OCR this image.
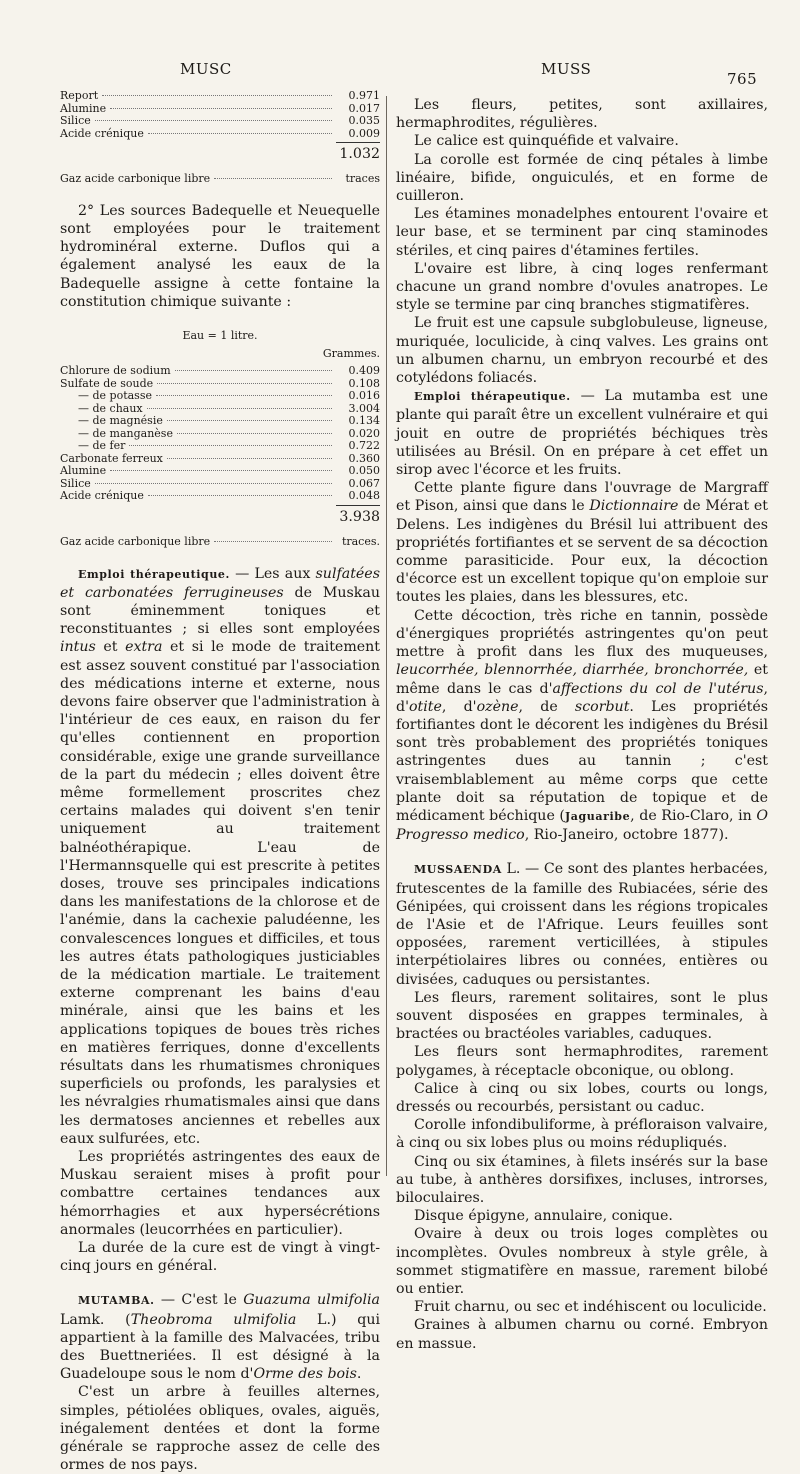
MUSC	MUSS
765
Report	0.971
Alumine	0.017
Silice	0.035
Acide crénique	0.009
1.032
Gaz acide carbonique libre	traces

2° Les sources Badequelle et Neuequelle sont employées pour le traitement hydrominéral externe. Duflos qui a également analysé les eaux de la Badequelle assigne à cette fontaine la constitution chimique suivante :

Eau = 1 litre.
Grammes.
Chlorure de sodium	0.409
Sulfate de soude	0.108
— de potasse	0.016
— de chaux	3.004
— de magnésie	0.134
— de manganèse	0.020
— de fer	0.722
Carbonate ferreux	0.360
Alumine	0.050
Silice	0.067
Acide crénique	0.048
3.938
Gaz acide carbonique libre	traces.

Emploi thérapeutique. — Les aux sulfatées et carbonatées ferrugineuses de Muskau sont éminemment toniques et reconstituantes ; si elles sont employées intus et extra et si le mode de traitement est assez souvent constitué par l'association des médications interne et externe, nous devons faire observer que l'administration à l'intérieur de ces eaux, en raison du fer qu'elles contiennent en proportion considérable, exige une grande surveillance de la part du médecin ; elles doivent être même formellement proscrites chez certains malades qui doivent s'en tenir uniquement au traitement balnéothérapique. L'eau de l'Hermannsquelle qui est prescrite à petites doses, trouve ses principales indications dans les manifestations de la chlorose et de l'anémie, dans la cachexie paludéenne, les convalescences longues et difficiles, et tous les autres états pathologiques justiciables de la médication martiale. Le traitement externe comprenant les bains d'eau minérale, ainsi que les bains et les applications topiques de boues très riches en matières ferriques, donne d'excellents résultats dans les rhumatismes chroniques superficiels ou profonds, les paralysies et les névralgies rhumatismales ainsi que dans les dermatoses anciennes et rebelles aux eaux sulfurées, etc.

Les propriétés astringentes des eaux de Muskau seraient mises à profit pour combattre certaines tendances aux hémorrhagies et aux hypersécrétions anormales (leucorrhées en particulier).

La durée de la cure est de vingt à vingt-cinq jours en général.

MUTAMBA. — C'est le Guazuma ulmifolia Lamk. (Theobroma ulmifolia L.) qui appartient à la famille des Malvacées, tribu des Buettneriées. Il est désigné à la Guadeloupe sous le nom d'Orme des bois.

C'est un arbre à feuilles alternes, simples, pétiolées obliques, ovales, aiguës, inégalement dentées et dont la forme générale se rapproche assez de celle des ormes de nos pays.

Les fleurs, petites, sont axillaires, hermaphrodites, régulières.

Le calice est quinquéfide et valvaire.

La corolle est formée de cinq pétales à limbe linéaire, bifide, onguiculés, et en forme de cuilleron.

Les étamines monadelphes entourent l'ovaire et leur base, et se terminent par cinq staminodes stériles, et cinq paires d'étamines fertiles.

L'ovaire est libre, à cinq loges renfermant chacune un grand nombre d'ovules anatropes. Le style se termine par cinq branches stigmatifères.

Le fruit est une capsule subglobuleuse, ligneuse, muriquée, loculicide, à cinq valves. Les grains ont un albumen charnu, un embryon recourbé et des cotylédons foliacés.

Emploi thérapeutique. — La mutamba est une plante qui paraît être un excellent vulnéraire et qui jouit en outre de propriétés béchiques très utilisées au Brésil. On en prépare à cet effet un sirop avec l'écorce et les fruits.

Cette plante figure dans l'ouvrage de Margraff et Pison, ainsi que dans le Dictionnaire de Mérat et Delens. Les indigènes du Brésil lui attribuent des propriétés fortifiantes et se servent de sa décoction comme parasiticide. Pour eux, la décoction d'écorce est un excellent topique qu'on emploie sur toutes les plaies, dans les blessures, etc.

Cette décoction, très riche en tannin, possède d'énergiques propriétés astringentes qu'on peut mettre à profit dans les flux des muqueuses, leucorrhée, blennorrhée, diarrhée, bronchorrée, et même dans le cas d'affections du col de l'utérus, d'otite, d'ozène, de scorbut. Les propriétés fortifiantes dont le décorent les indigènes du Brésil sont très probablement des propriétés toniques astringentes dues au tannin ; c'est vraisemblablement au même corps que cette plante doit sa réputation de topique et de médicament béchique (Jaguaribe, de Rio-Claro, in O Progresso medico, Rio-Janeiro, octobre 1877).

MUSSAENDA L. — Ce sont des plantes herbacées, frutescentes de la famille des Rubiacées, série des Génipées, qui croissent dans les régions tropicales de l'Asie et de l'Afrique. Leurs feuilles sont opposées, rarement verticillées, à stipules interpétiolaires libres ou connées, entières ou divisées, caduques ou persistantes.

Les fleurs, rarement solitaires, sont le plus souvent disposées en grappes terminales, à bractées ou bractéoles variables, caduques.

Les fleurs sont hermaphrodites, rarement polygames, à réceptacle obconique, ou oblong.

Calice à cinq ou six lobes, courts ou longs, dressés ou recourbés, persistant ou caduc.

Corolle infondibuliforme, à préfloraison valvaire, à cinq ou six lobes plus ou moins rédupliqués.

Cinq ou six étamines, à filets insérés sur la base au tube, à anthères dorsifixes, incluses, introrses, biloculaires.

Disque épigyne, annulaire, conique.

Ovaire à deux ou trois loges complètes ou incomplètes. Ovules nombreux à style grêle, à sommet stigmatifère en massue, rarement bilobé ou entier.

Fruit charnu, ou sec et indéhiscent ou loculicide.

Graines à albumen charnu ou corné. Embryon en massue.
